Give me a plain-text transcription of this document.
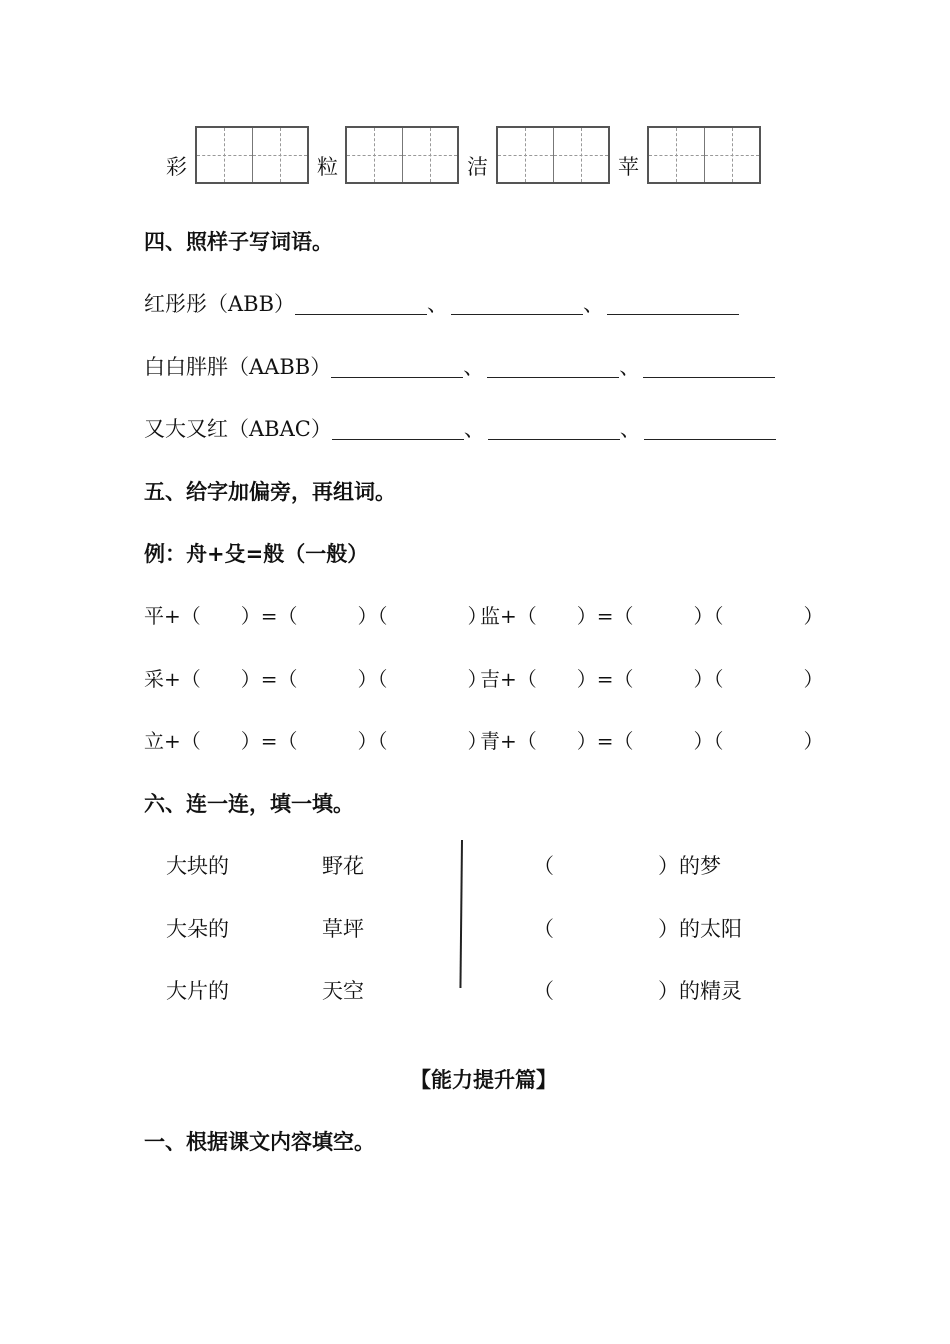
彩	粒	洁	苹
四、照样子写词语。
红彤彤（ABB）	、	、
白白胖胖（AABB）	、	、
又大又红（ABAC）	、	、
五、给字加偏旁，再组词。
例：舟+殳=般（一般）
平+（　　）=（　　　）（　　　　）
监+（　　）=（　　　）（　　　　）
采+（　　）=（　　　）（　　　　）
吉+（　　）=（　　　）（　　　　）
立+（　　）=（　　　）（　　　　）
青+（　　）=（　　　）（　　　　）
六、连一连，填一填。
大块的	野花
大朵的	草坪
大片的	天空
（	）的梦
（	）的太阳
（	）的精灵
【能力提升篇】
一、根据课文内容填空。
